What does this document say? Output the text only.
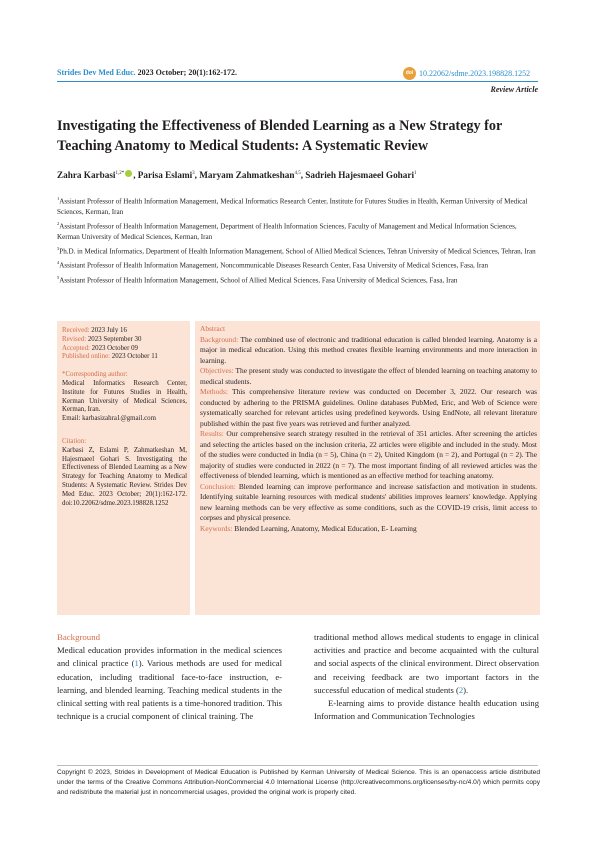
Strides Dev Med Educ. 2023 October; 20(1):162-172.	doi 10.22062/sdme.2023.198828.1252
Review Article
Investigating the Effectiveness of Blended Learning as a New Strategy for Teaching Anatomy to Medical Students: A Systematic Review
Zahra Karbasi$^{1,2*}$ , Parisa Eslami$^3$, Maryam Zahmatkeshan$^{4,5}$, Sadrieh Hajesmaeel Gohari$^1$
$^1$Assistant Professor of Health Information Management, Medical Informatics Research Center, Institute for Futures Studies in Health, Kerman University of Medical Sciences, Kerman, Iran
$^2$Assistant Professor of Health Information Management, Department of Health Information Sciences, Faculty of Management and Medical Information Sciences, Kerman University of Medical Sciences, Kerman, Iran
$^3$Ph.D. in Medical Informatics, Department of Health Information Management, School of Allied Medical Sciences, Tehran University of Medical Sciences, Tehran, Iran
$^4$Assistant Professor of Health Information Management, Noncommunicable Diseases Research Center, Fasa University of Medical Sciences, Fasa, Iran
$^5$Assistant Professor of Health Information Management, School of Allied Medical Sciences, Fasa University of Medical Sciences, Fasa, Iran
Received: 2023 July 16
Revised: 2023 September 30
Accepted: 2023 October 09
Published online: 2023 October 11
*Corresponding author:
Medical Informatics Research Center, Institute for Futures Studies in Health, Kerman University of Medical Sciences, Kerman, Iran.
Email: karbasizahra1@gmail.com
Citation:
Karbasi Z, Eslami P, Zahmatkeshan M, Hajesmaeel Gohari S. Investigating the Effectiveness of Blended Learning as a New Strategy for Teaching Anatomy to Medical Students: A Systematic Review. Strides Dev Med Educ. 2023 October; 20(1):162-172. doi:10.22062/sdme.2023.198828.1252
Abstract
Background: The combined use of electronic and traditional education is called blended learning. Anatomy is a major in medical education. Using this method creates flexible learning environments and more interaction in learning.
Objectives: The present study was conducted to investigate the effect of blended learning on teaching anatomy to medical students.
Methods: This comprehensive literature review was conducted on December 3, 2022. Our research was conducted by adhering to the PRISMA guidelines. Online databases PubMed, Eric, and Web of Science were systematically searched for relevant articles using predefined keywords. Using EndNote, all relevant literature published within the past five years was retrieved and further analyzed.
Results: Our comprehensive search strategy resulted in the retrieval of 351 articles. After screening the articles and selecting the articles based on the inclusion criteria, 22 articles were eligible and included in the study. Most of the studies were conducted in India (n = 5), China (n = 2), United Kingdom (n = 2), and Portugal (n = 2). The majority of studies were conducted in 2022 (n = 7). The most important finding of all reviewed articles was the effectiveness of blended learning, which is mentioned as an effective method for teaching anatomy.
Conclusion: Blended learning can improve performance and increase satisfaction and motivation in students. Identifying suitable learning resources with medical students' abilities improves learners' knowledge. Applying new learning methods can be very effective as some conditions, such as the COVID-19 crisis, limit access to corpses and physical presence.
Keywords: Blended Learning, Anatomy, Medical Education, E- Learning
Background
Medical education provides information in the medical sciences and clinical practice (1). Various methods are used for medical education, including traditional face-to-face instruction, e-learning, and blended learning. Teaching medical students in the clinical setting with real patients is a time-honored tradition. This technique is a crucial component of clinical training. The
traditional method allows medical students to engage in clinical activities and practice and become acquainted with the cultural and social aspects of the clinical environment. Direct observation and receiving feedback are two important factors in the successful education of medical students (2).
E-learning aims to provide distance health education using Information and Communication Technologies
Copyright © 2023, Strides in Development of Medical Education is Published by Kerman University of Medical Science. This is an openaccess article distributed under the terms of the Creative Commons Attribution-NonCommercial 4.0 International License (http://creativecommons.org/licenses/by-nc/4.0/) which permits copy and redistribute the material just in noncommercial usages, provided the original work is properly cited.
